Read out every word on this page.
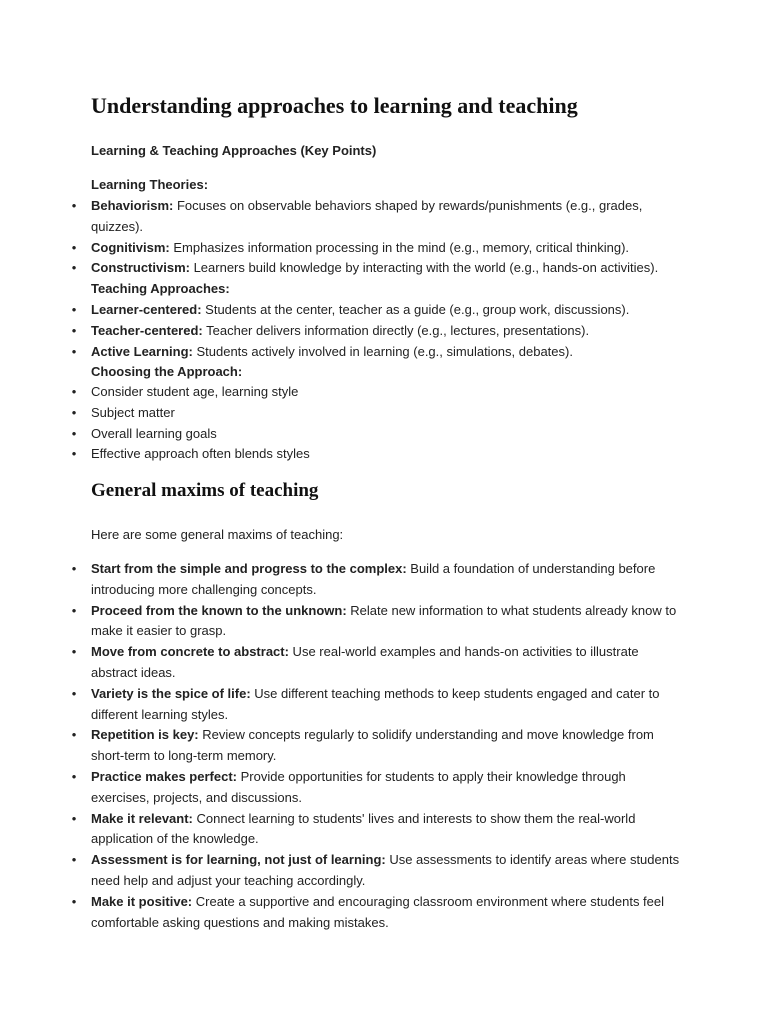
Understanding approaches to learning and teaching

Learning & Teaching Approaches (Key Points)

Learning Theories:

• Behaviorism: Focuses on observable behaviors shaped by rewards/punishments (e.g., grades, quizzes).
• Cognitivism: Emphasizes information processing in the mind (e.g., memory, critical thinking).
• Constructivism: Learners build knowledge by interacting with the world (e.g., hands-on activities).
Teaching Approaches:
• Learner-centered: Students at the center, teacher as a guide (e.g., group work, discussions).
• Teacher-centered: Teacher delivers information directly (e.g., lectures, presentations).
• Active Learning: Students actively involved in learning (e.g., simulations, debates).
Choosing the Approach:
• Consider student age, learning style
• Subject matter
• Overall learning goals
• Effective approach often blends styles
General maxims of teaching

Here are some general maxims of teaching:

• Start from the simple and progress to the complex: Build a foundation of understanding before introducing more challenging concepts.
• Proceed from the known to the unknown: Relate new information to what students already know to make it easier to grasp.
• Move from concrete to abstract: Use real-world examples and hands-on activities to illustrate abstract ideas.
• Variety is the spice of life: Use different teaching methods to keep students engaged and cater to different learning styles.
• Repetition is key: Review concepts regularly to solidify understanding and move knowledge from short-term to long-term memory.
• Practice makes perfect: Provide opportunities for students to apply their knowledge through exercises, projects, and discussions.
• Make it relevant: Connect learning to students' lives and interests to show them the real-world application of the knowledge.
• Assessment is for learning, not just of learning: Use assessments to identify areas where students need help and adjust your teaching accordingly.
• Make it positive: Create a supportive and encouraging classroom environment where students feel comfortable asking questions and making mistakes.
